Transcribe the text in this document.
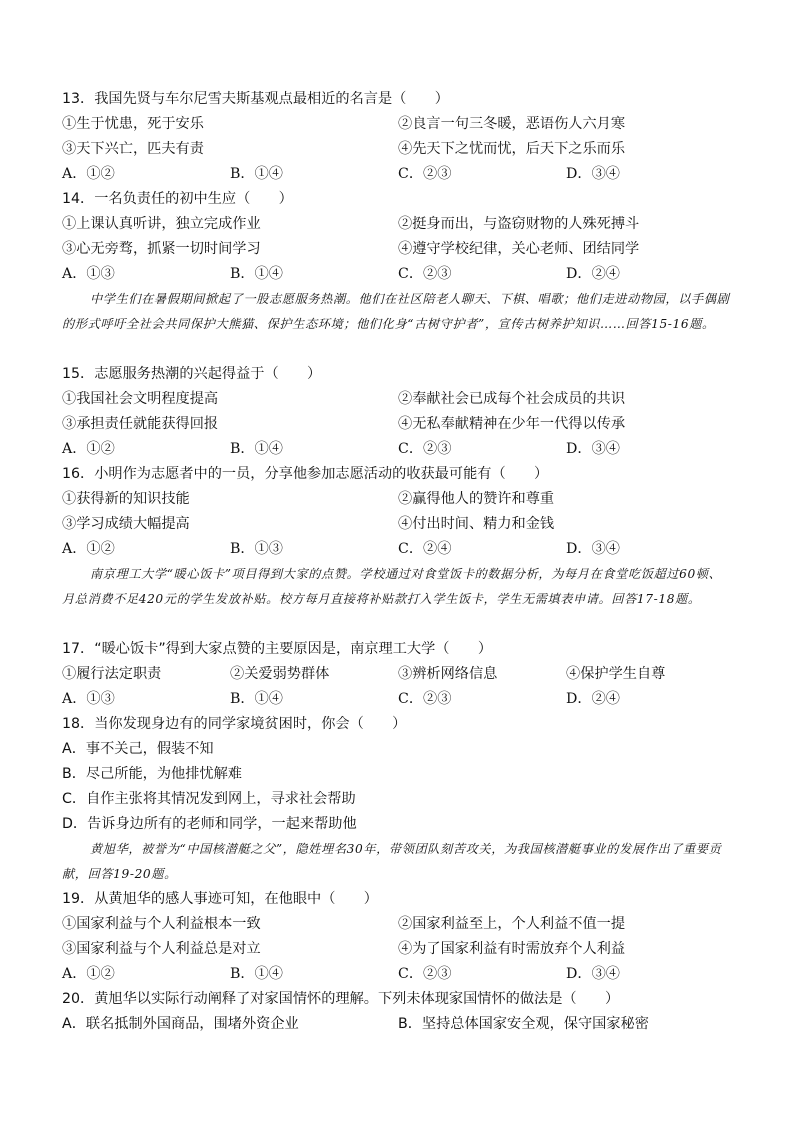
13．我国先贤与车尔尼雪夫斯基观点最相近的名言是（　　）
①生于忧患，死于安乐	②良言一句三冬暖，恶语伤人六月寒
③天下兴亡，匹夫有责	④先天下之忧而忧，后天下之乐而乐
A．①②	B．①④	C．②③	D．③④
14．一名负责任的初中生应（　　）
①上课认真听讲，独立完成作业	②挺身而出，与盗窃财物的人殊死搏斗
③心无旁骛，抓紧一切时间学习	④遵守学校纪律，关心老师、团结同学
A．①③	B．①④	C．②③	D．②④
中学生们在暑假期间掀起了一股志愿服务热潮。他们在社区陪老人聊天、下棋、唱歌；他们走进动物园，以手偶剧的形式呼吁全社会共同保护大熊猫、保护生态环境；他们化身“古树守护者”，宣传古树养护知识……回答15-16题。
15．志愿服务热潮的兴起得益于（　　）
①我国社会文明程度提高	②奉献社会已成每个社会成员的共识
③承担责任就能获得回报	④无私奉献精神在少年一代得以传承
A．①②	B．①④	C．②③	D．③④
16．小明作为志愿者中的一员，分享他参加志愿活动的收获最可能有（　　）
①获得新的知识技能	②赢得他人的赞许和尊重
③学习成绩大幅提高	④付出时间、精力和金钱
A．①②	B．①③	C．②④	D．③④
南京理工大学“暖心饭卡”项目得到大家的点赞。学校通过对食堂饭卡的数据分析，为每月在食堂吃饭超过60顿、月总消费不足420元的学生发放补贴。校方每月直接将补贴款打入学生饭卡，学生无需填表申请。回答17-18题。
17．“暖心饭卡”得到大家点赞的主要原因是，南京理工大学（　　）
①履行法定职责	②关爱弱势群体	③辨析网络信息	④保护学生自尊
A．①③	B．①④	C．②③	D．②④
18．当你发现身边有的同学家境贫困时，你会（　　）
A．事不关己，假装不知
B．尽己所能，为他排忧解难
C．自作主张将其情况发到网上，寻求社会帮助
D．告诉身边所有的老师和同学，一起来帮助他
黄旭华，被誉为“中国核潜艇之父”，隐姓埋名30年，带领团队刻苦攻关，为我国核潜艇事业的发展作出了重要贡献，回答19-20题。
19．从黄旭华的感人事迹可知，在他眼中（　　）
①国家利益与个人利益根本一致	②国家利益至上，个人利益不值一提
③国家利益与个人利益总是对立	④为了国家利益有时需放弃个人利益
A．①②	B．①④	C．②③	D．③④
20．黄旭华以实际行动阐释了对家国情怀的理解。下列未体现家国情怀的做法是（　　）
A．联名抵制外国商品，围堵外资企业	B．坚持总体国家安全观，保守国家秘密
